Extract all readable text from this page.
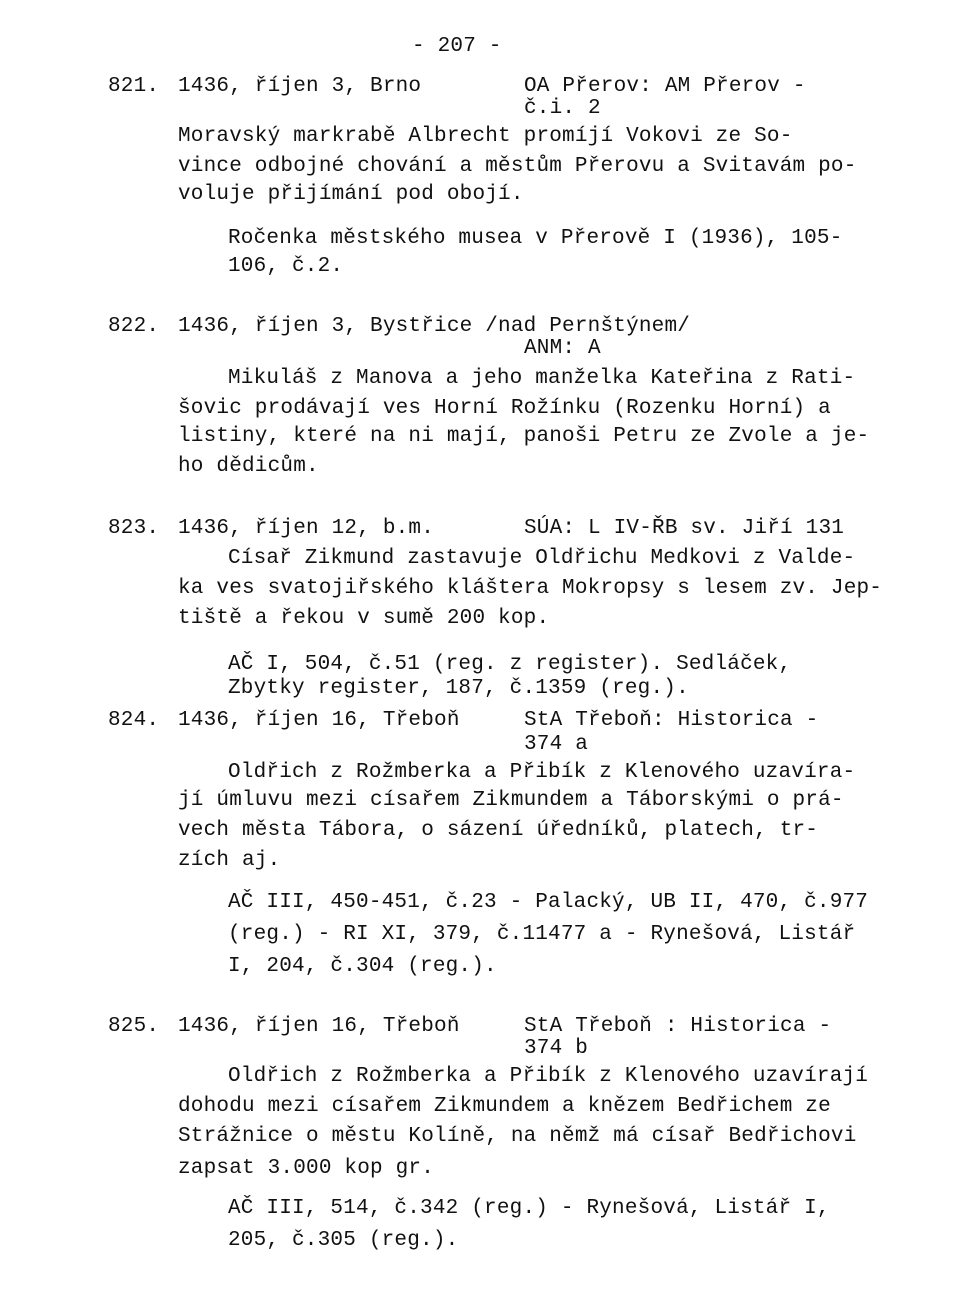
- 207 -
821. 1436, říjen 3, Brno	OA Přerov: AM Přerov -
č.i. 2
Moravský markrabě Albrecht promíjí Vokovi ze So-
vince odbojné chování a městům Přerovu a Svitavám po-
voluje přijímání pod obojí.
Ročenka městského musea v Přerově I (1936), 105-
106, č.2.
822. 1436, říjen 3, Bystřice /nad Pernštýnem/
ANM: A
Mikuláš z Manova a jeho manželka Kateřina z Rati-
šovic prodávají ves Horní Rožínku (Rozenku Horní) a
listiny, které na ni mají, panoši Petru ze Zvole a je-
ho dědicům.
823. 1436, říjen 12, b.m.	SÚA: L IV-ŘB sv. Jiří 131
Císař Zikmund zastavuje Oldřichu Medkovi z Valde-
ka ves svatojiřského kláštera Mokropsy s lesem zv. Jep-
tiště a řekou v sumě 200 kop.
AČ I, 504, č.51 (reg. z register). Sedláček,
Zbytky register, 187, č.1359 (reg.).
824. 1436, říjen 16, Třeboň	StA Třeboň: Historica -
374 a
Oldřich z Rožmberka a Přibík z Klenového uzavíra-
jí úmluvu mezi císařem Zikmundem a Táborskými o prá-
vech města Tábora, o sázení úředníků, platech, tr-
zích aj.
AČ III, 450-451, č.23 - Palacký, UB II, 470, č.977
(reg.) - RI XI, 379, č.11477 a - Rynešová, Listář
I, 204, č.304 (reg.).
825. 1436, říjen 16, Třeboň	StA Třeboň : Historica -
374 b
Oldřich z Rožmberka a Přibík z Klenového uzavírají
dohodu mezi císařem Zikmundem a knězem Bedřichem ze
Strážnice o městu Kolíně, na němž má císař Bedřichovi
zapsat 3.000 kop gr.
AČ III, 514, č.342 (reg.) - Rynešová, Listář I,
205, č.305 (reg.).
